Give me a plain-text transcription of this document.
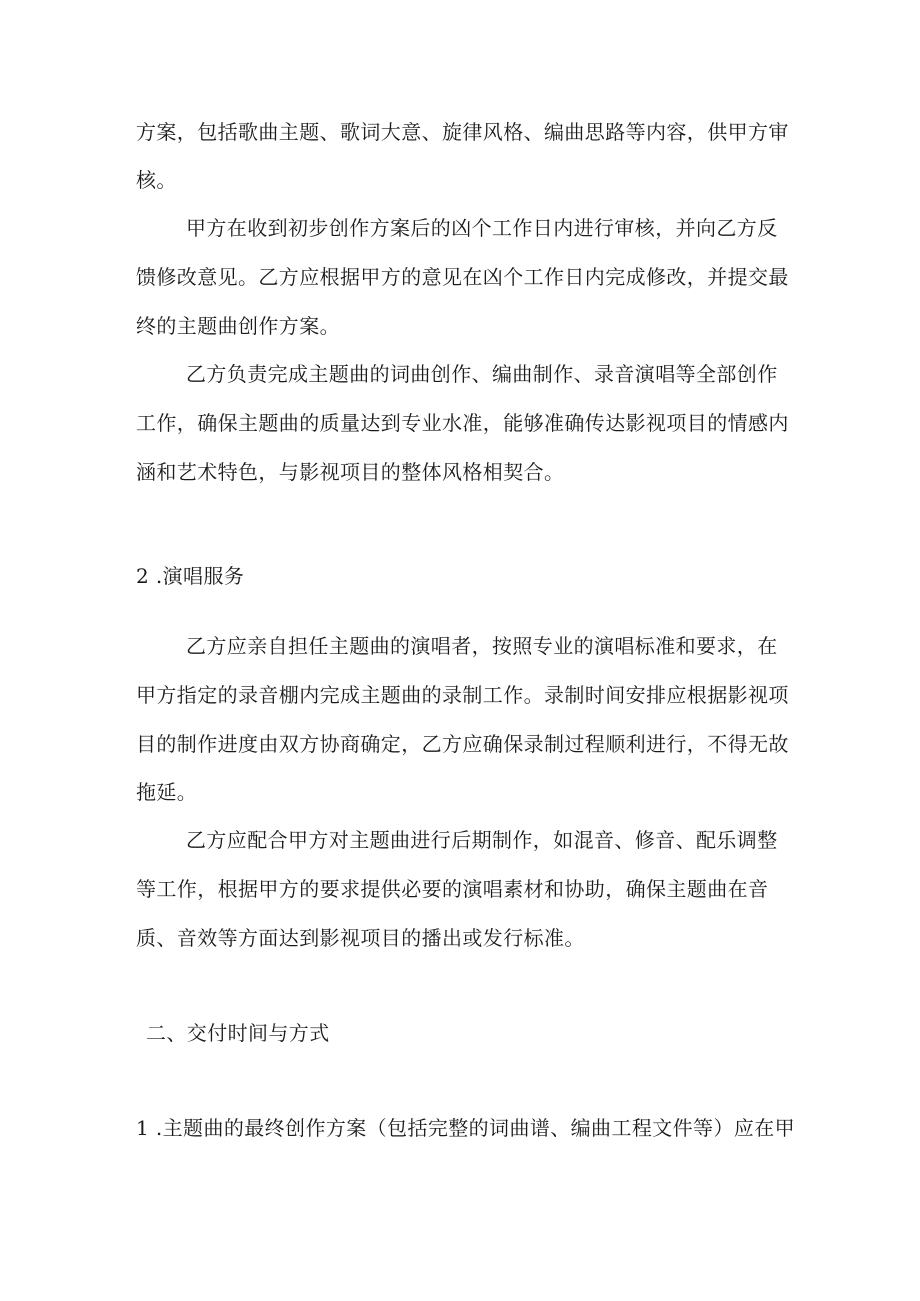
方案，包括歌曲主题、歌词大意、旋律风格、编曲思路等内容，供甲方审
核。
甲方在收到初步创作方案后的凶个工作日内进行审核，并向乙方反
馈修改意见。乙方应根据甲方的意见在凶个工作日内完成修改，并提交最
终的主题曲创作方案。
乙方负责完成主题曲的词曲创作、编曲制作、录音演唱等全部创作
工作，确保主题曲的质量达到专业水准，能够准确传达影视项目的情感内
涵和艺术特色，与影视项目的整体风格相契合。
2 .演唱服务
乙方应亲自担任主题曲的演唱者，按照专业的演唱标准和要求，在
甲方指定的录音棚内完成主题曲的录制工作。录制时间安排应根据影视项
目的制作进度由双方协商确定，乙方应确保录制过程顺利进行，不得无故
拖延。
乙方应配合甲方对主题曲进行后期制作，如混音、修音、配乐调整
等工作，根据甲方的要求提供必要的演唱素材和协助，确保主题曲在音
质、音效等方面达到影视项目的播出或发行标准。
二、交付时间与方式
1 .主题曲的最终创作方案（包括完整的词曲谱、编曲工程文件等）应在甲
